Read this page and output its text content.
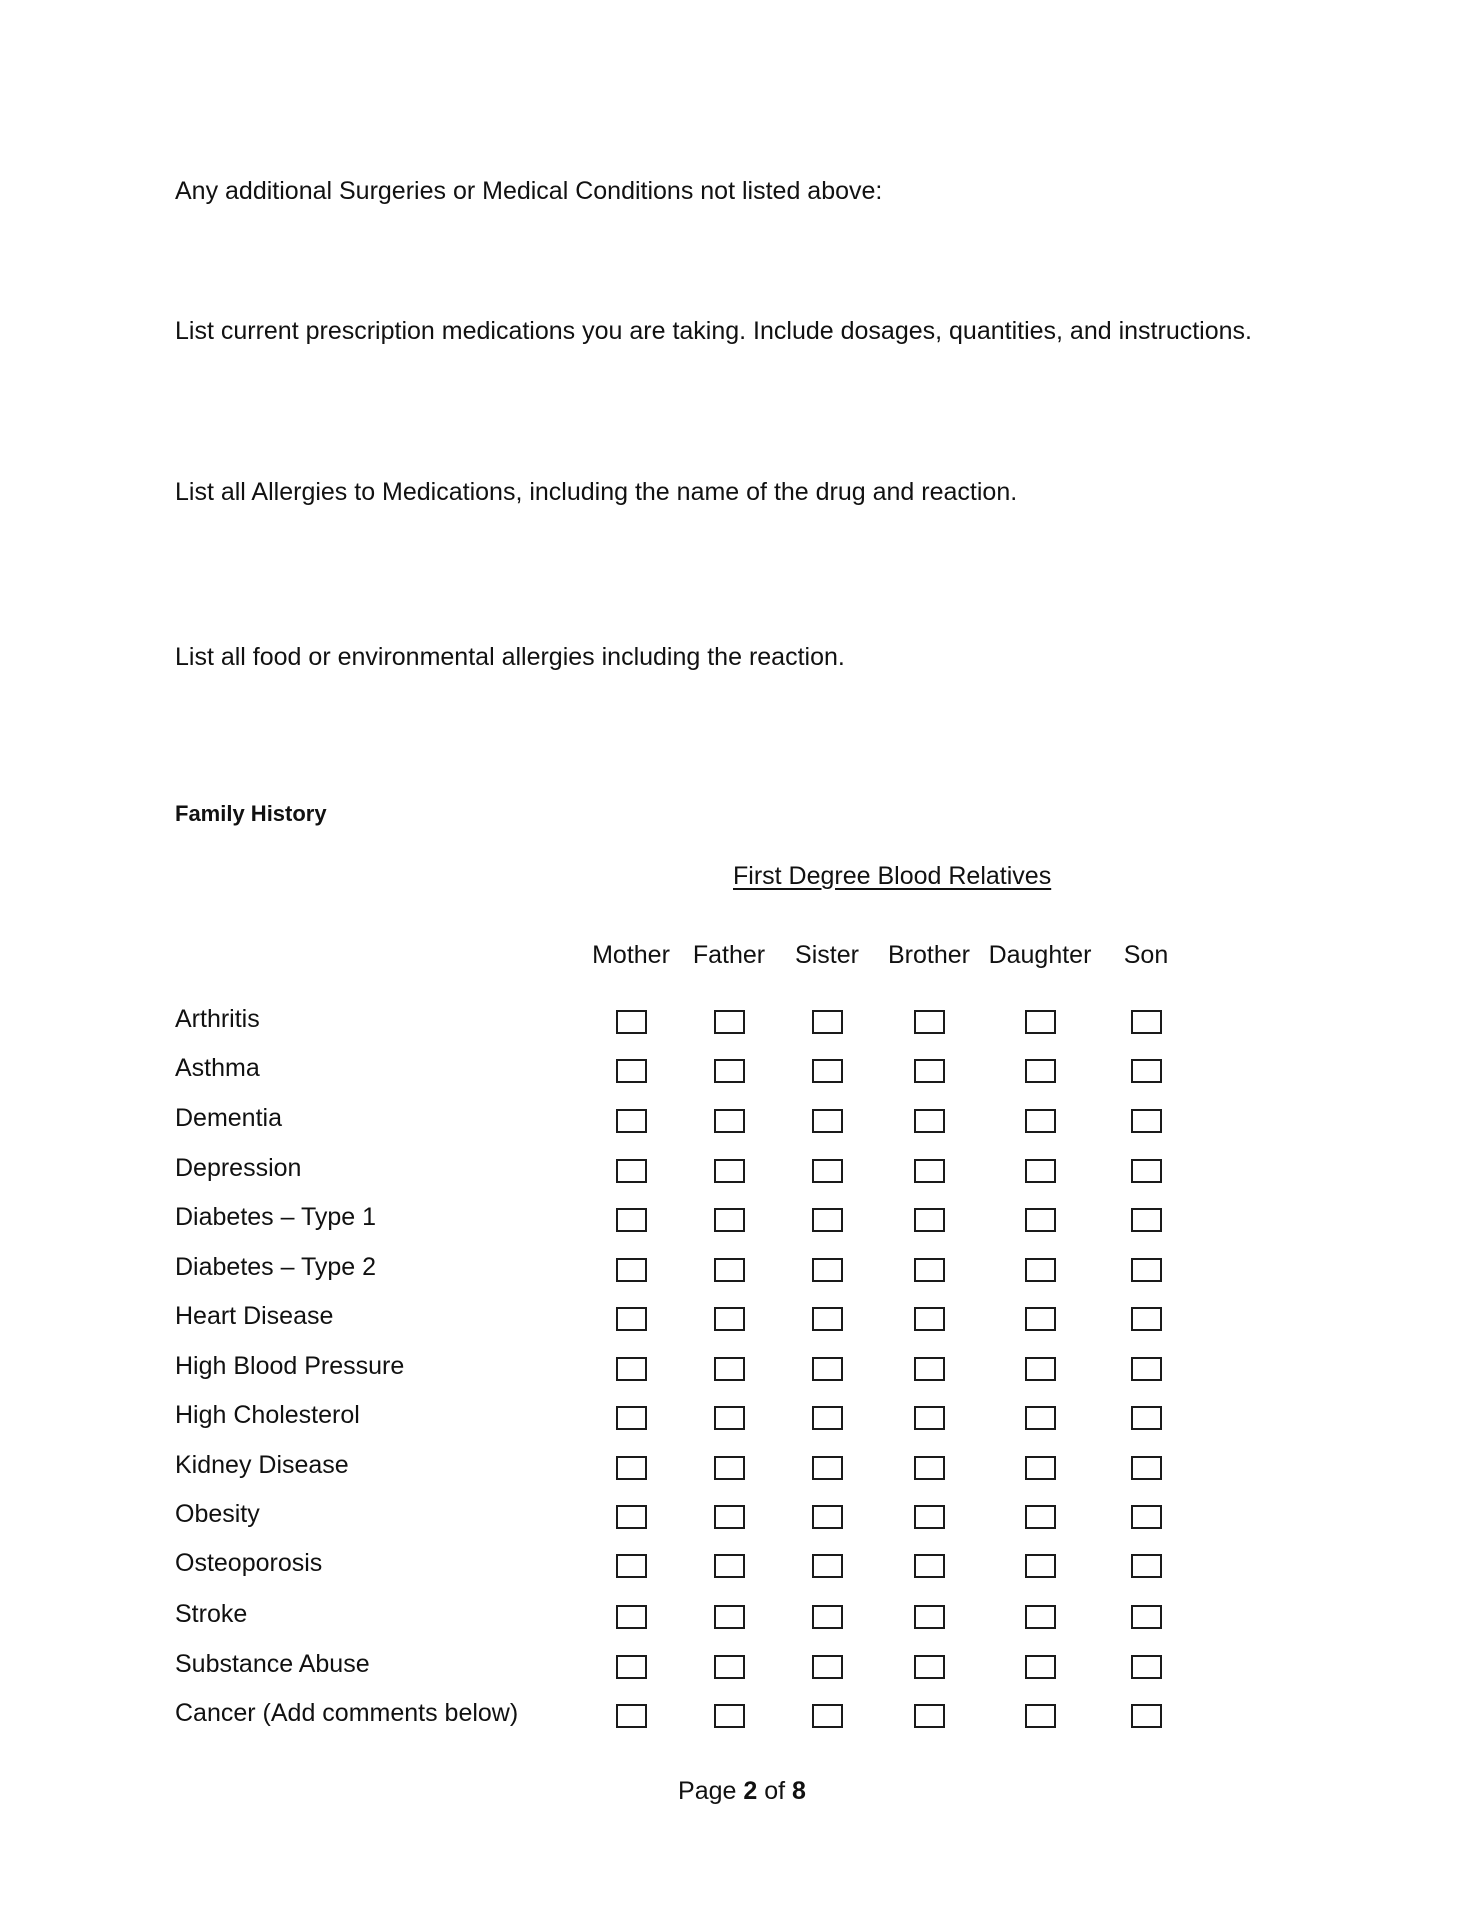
Any additional Surgeries or Medical Conditions not listed above:
List current prescription medications you are taking. Include dosages, quantities, and instructions.
List all Allergies to Medications, including the name of the drug and reaction.
List all food or environmental allergies including the reaction.
Family History
First Degree Blood Relatives
Mother Father Sister Brother Daughter Son
Arthritis
Asthma
Dementia
Depression
Diabetes – Type 1
Diabetes – Type 2
Heart Disease
High Blood Pressure
High Cholesterol
Kidney Disease
Obesity
Osteoporosis
Stroke
Substance Abuse
Cancer (Add comments below)
Page 2 of 8
